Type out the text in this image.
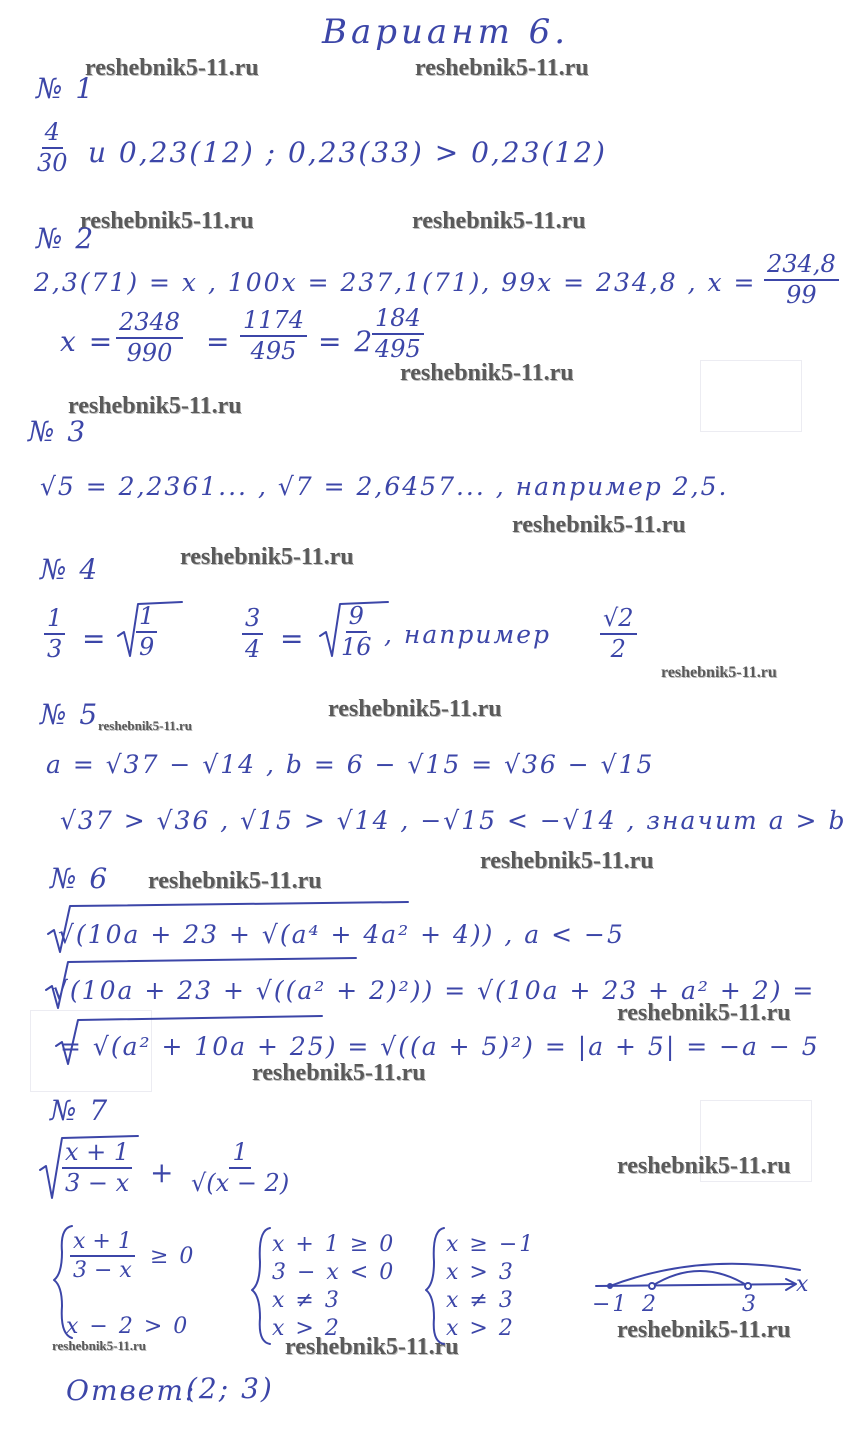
Вариант 6.
reshebnik5-11.ru	reshebnik5-11.ru
reshebnik5-11.ru	reshebnik5-11.ru
reshebnik5-11.ru
reshebnik5-11.ru
reshebnik5-11.ru
reshebnik5-11.ru
reshebnik5-11.ru
reshebnik5-11.ru
reshebnik5-11.ru
reshebnik5-11.ru
reshebnik5-11.ru
reshebnik5-11.ru
reshebnik5-11.ru
reshebnik5-11.ru
reshebnik5-11.ru
reshebnik5-11.ru	reshebnik5-11.ru
№ 1
$\frac{4}{30}$ и 0,23(12) ; 0,23(33) > 0,23(12)
№ 2
2,3(71) = x , 100x = 237,1(71), 99x = 234,8 , $x = \frac{234,8}{99}$
$x = \frac{2348}{990} = \frac{1174}{495} = 2$
$\frac{184}{495}$
№ 3
√5 = 2,2361... , √7 = 2,6457... , например 2,5.
№ 4
$\frac{1}{3} = \frac{1}{9}$	$\frac{3}{4} = \frac{9}{16}$ , например $\frac{√2}{2}$
№ 5
a = √37 − √14 , b = 6 − √15 = √36 − √15
√37 > √36 , √15 > √14 , −√15 < −√14 , значит a > b
№ 6
√(10a + 23 + √(a⁴ + 4a² + 4)) , a < −5
√(10a + 23 + √((a² + 2)²)) = √(10a + 23 + a² + 2) =
= √(a² + 10a + 25) = √((a + 5)²) = |a + 5| = −a − 5
№ 7
$\frac{x + 1}{3 - x} + \frac{1}{√(x - 2)}$
$\frac{x + 1}{3 - x} \ge 0$
x − 2 > 0
x + 1 ≥ 0
3 − x < 0
x ≠ 3
x > 2
x ≥ −1
x > 3
x ≠ 3
x > 2
−1 2	3
x
Ответ:
(2; 3)
